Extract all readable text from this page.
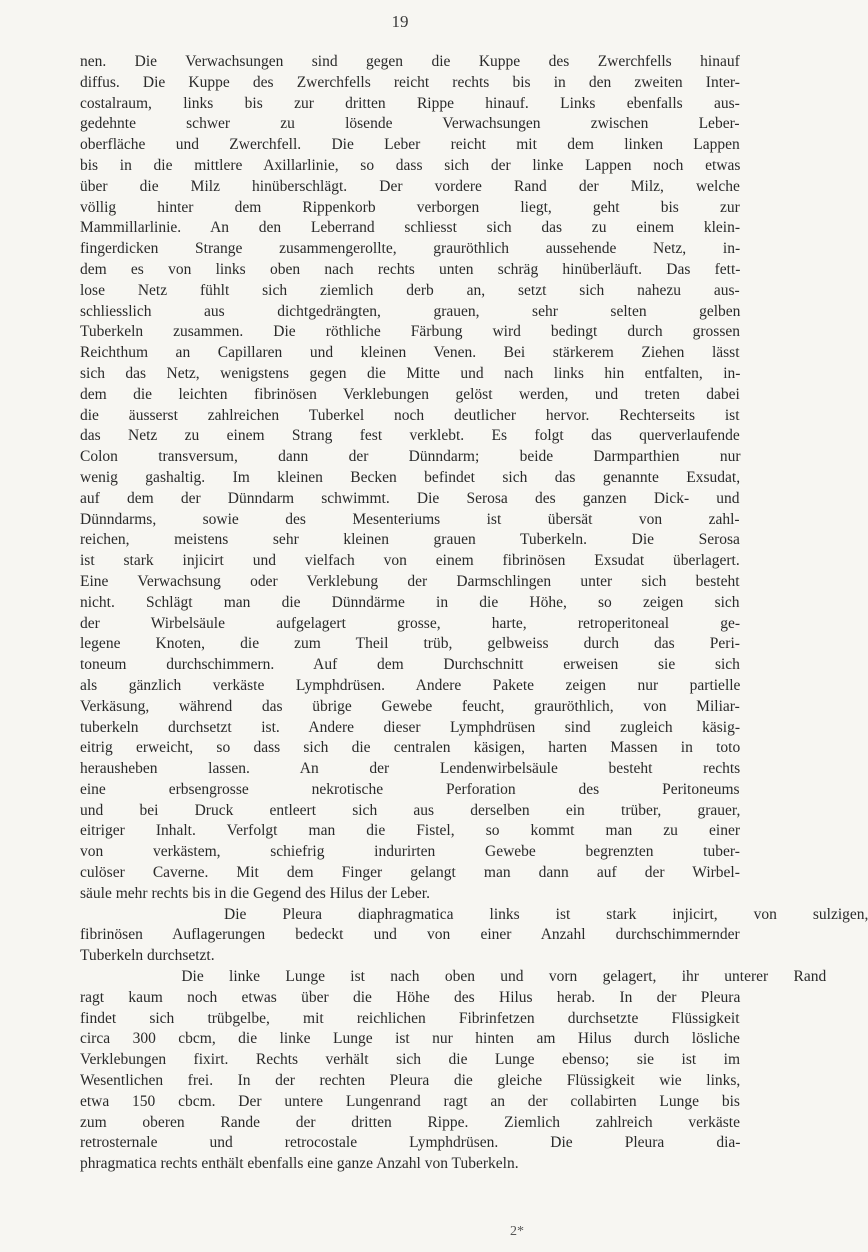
19
nen. Die Verwachsungen sind gegen die Kuppe des Zwerchfells hinauf
diffus. Die Kuppe des Zwerchfells reicht rechts bis in den zweiten Inter-
costalraum, links bis zur dritten Rippe hinauf. Links ebenfalls aus-
gedehnte schwer zu lösende Verwachsungen zwischen Leber-
oberfläche und Zwerchfell. Die Leber reicht mit dem linken Lappen
bis in die mittlere Axillarlinie, so dass sich der linke Lappen noch etwas
über die Milz hinüberschlägt. Der vordere Rand der Milz, welche
völlig hinter dem Rippenkorb verborgen liegt, geht bis zur
Mammillarlinie. An den Leberrand schliesst sich das zu einem klein-
fingerdicken Strange zusammengerollte, grauröthlich aussehende Netz, in-
dem es von links oben nach rechts unten schräg hinüberläuft. Das fett-
lose Netz fühlt sich ziemlich derb an, setzt sich nahezu aus-
schliesslich aus dichtgedrängten, grauen, sehr selten gelben
Tuberkeln zusammen. Die röthliche Färbung wird bedingt durch grossen
Reichthum an Capillaren und kleinen Venen. Bei stärkerem Ziehen lässt
sich das Netz, wenigstens gegen die Mitte und nach links hin entfalten, in-
dem die leichten fibrinösen Verklebungen gelöst werden, und treten dabei
die äusserst zahlreichen Tuberkel noch deutlicher hervor. Rechterseits ist
das Netz zu einem Strang fest verklebt. Es folgt das querverlaufende
Colon transversum, dann der Dünndarm; beide Darmparthien nur
wenig gashaltig. Im kleinen Becken befindet sich das genannte Exsudat,
auf dem der Dünndarm schwimmt. Die Serosa des ganzen Dick- und
Dünndarms, sowie des Mesenteriums ist übersät von zahl-
reichen, meistens sehr kleinen grauen Tuberkeln. Die Serosa
ist stark injicirt und vielfach von einem fibrinösen Exsudat überlagert.
Eine Verwachsung oder Verklebung der Darmschlingen unter sich besteht
nicht. Schlägt man die Dünndärme in die Höhe, so zeigen sich
der Wirbelsäule aufgelagert grosse, harte, retroperitoneal ge-
legene Knoten, die zum Theil trüb, gelbweiss durch das Peri-
toneum durchschimmern. Auf dem Durchschnitt erweisen sie sich
als gänzlich verkäste Lymphdrüsen. Andere Pakete zeigen nur partielle
Verkäsung, während das übrige Gewebe feucht, grauröthlich, von Miliar-
tuberkeln durchsetzt ist. Andere dieser Lymphdrüsen sind zugleich käsig-
eitrig erweicht, so dass sich die centralen käsigen, harten Massen in toto
herausheben lassen. An der Lendenwirbelsäule besteht rechts
eine erbsengrosse nekrotische Perforation des Peritoneums
und bei Druck entleert sich aus derselben ein trüber, grauer,
eitriger Inhalt. Verfolgt man die Fistel, so kommt man zu einer
von verkästem, schiefrig indurirten Gewebe begrenzten tuber-
culöser Caverne. Mit dem Finger gelangt man dann auf der Wirbel-
säule mehr rechts bis in die Gegend des Hilus der Leber.
Die Pleura diaphragmatica links ist stark injicirt, von sulzigen,
fibrinösen Auflagerungen bedeckt und von einer Anzahl durchschimmernder
Tuberkeln durchsetzt.
Die linke Lunge ist nach oben und vorn gelagert, ihr unterer Rand
ragt kaum noch etwas über die Höhe des Hilus herab. In der Pleura
findet sich trübgelbe, mit reichlichen Fibrinfetzen durchsetzte Flüssigkeit
circa 300 cbcm, die linke Lunge ist nur hinten am Hilus durch lösliche
Verklebungen fixirt. Rechts verhält sich die Lunge ebenso; sie ist im
Wesentlichen frei. In der rechten Pleura die gleiche Flüssigkeit wie links,
etwa 150 cbcm. Der untere Lungenrand ragt an der collabirten Lunge bis
zum oberen Rande der dritten Rippe. Ziemlich zahlreich verkäste
retrosternale und retrocostale Lymphdrüsen. Die Pleura dia-
phragmatica rechts enthält ebenfalls eine ganze Anzahl von Tuberkeln.
2*
